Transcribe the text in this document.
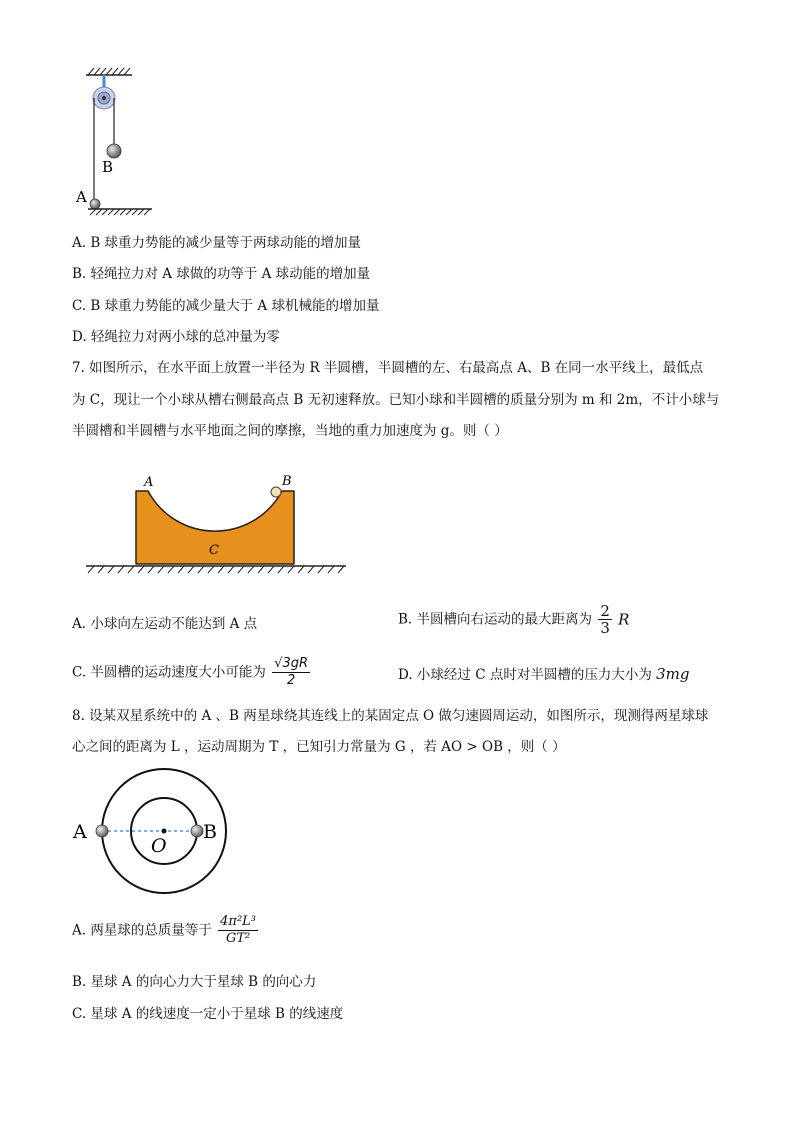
B
A
A. B 球重力势能的减少量等于两球动能的增加量
B. 轻绳拉力对 A 球做的功等于 A 球动能的增加量
C. B 球重力势能的减少量大于 A 球机械能的增加量
D. 轻绳拉力对两小球的总冲量为零
7. 如图所示，在水平面上放置一半径为 R 半圆槽，半圆槽的左、右最高点 A、B 在同一水平线上，最低点
为 C，现让一个小球从槽右侧最高点 B 无初速释放。已知小球和半圆槽的质量分别为 m 和 2m，不计小球与
半圆槽和半圆槽与水平地面之间的摩擦，当地的重力加速度为 g。则（ ）
A	B
C
A. 小球向左运动不能达到 A 点	B. 半圆槽向右运动的最大距离为 $\frac{2}{3}$ R
C. 半圆槽的运动速度大小可能为 $\frac{√3gR}{2}$	D. 小球经过 C 点时对半圆槽的压力大小为 3mg
8. 设某双星系统中的 A 、B 两星球绕其连线上的某固定点 O 做匀速圆周运动，如图所示，现测得两星球球
心之间的距离为 L ，运动周期为 T ，已知引力常量为 G ，若 AO > OB ，则（ ）
A	B
O
A. 两星球的总质量等于 $\frac{\text{4π²L³}}{\text{GT²}}$
B. 星球 A 的向心力大于星球 B 的向心力
C. 星球 A 的线速度一定小于星球 B 的线速度
